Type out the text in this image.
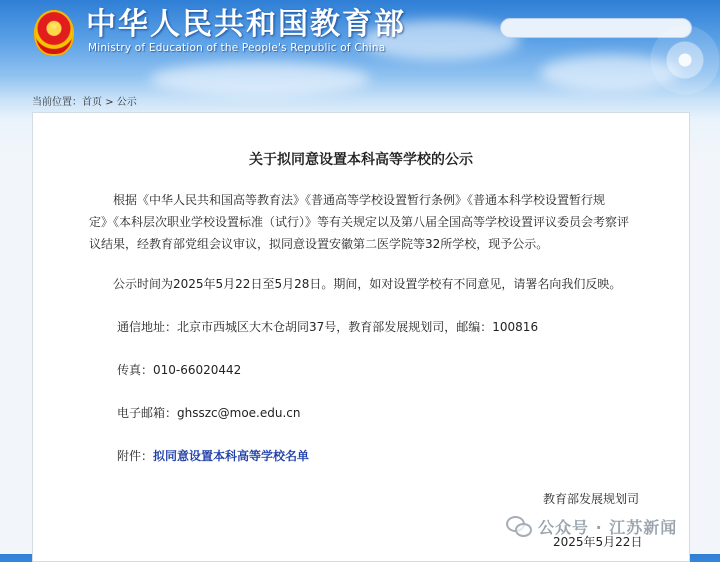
★ 中华人民共和国教育部
Ministry of Education of the People's Republic of China
当前位置：首页 > 公示
关于拟同意设置本科高等学校的公示

根据《中华人民共和国高等教育法》《普通高等学校设置暂行条例》《普通本科学校设置暂行规定》《本科层次职业学校设置标准（试行）》等有关规定以及第八届全国高等学校设置评议委员会考察评议结果，经教育部党组会议审议，拟同意设置安徽第二医学院等32所学校，现予公示。

公示时间为2025年5月22日至5月28日。期间，如对设置学校有不同意见，请署名向我们反映。

通信地址：北京市西城区大木仓胡同37号，教育部发展规划司，邮编：100816
传真：010-66020442
电子邮箱：ghsszc@moe.edu.cn
附件：拟同意设置本科高等学校名单
教育部发展规划司
2025年5月22日
公众号 · 江苏新闻
